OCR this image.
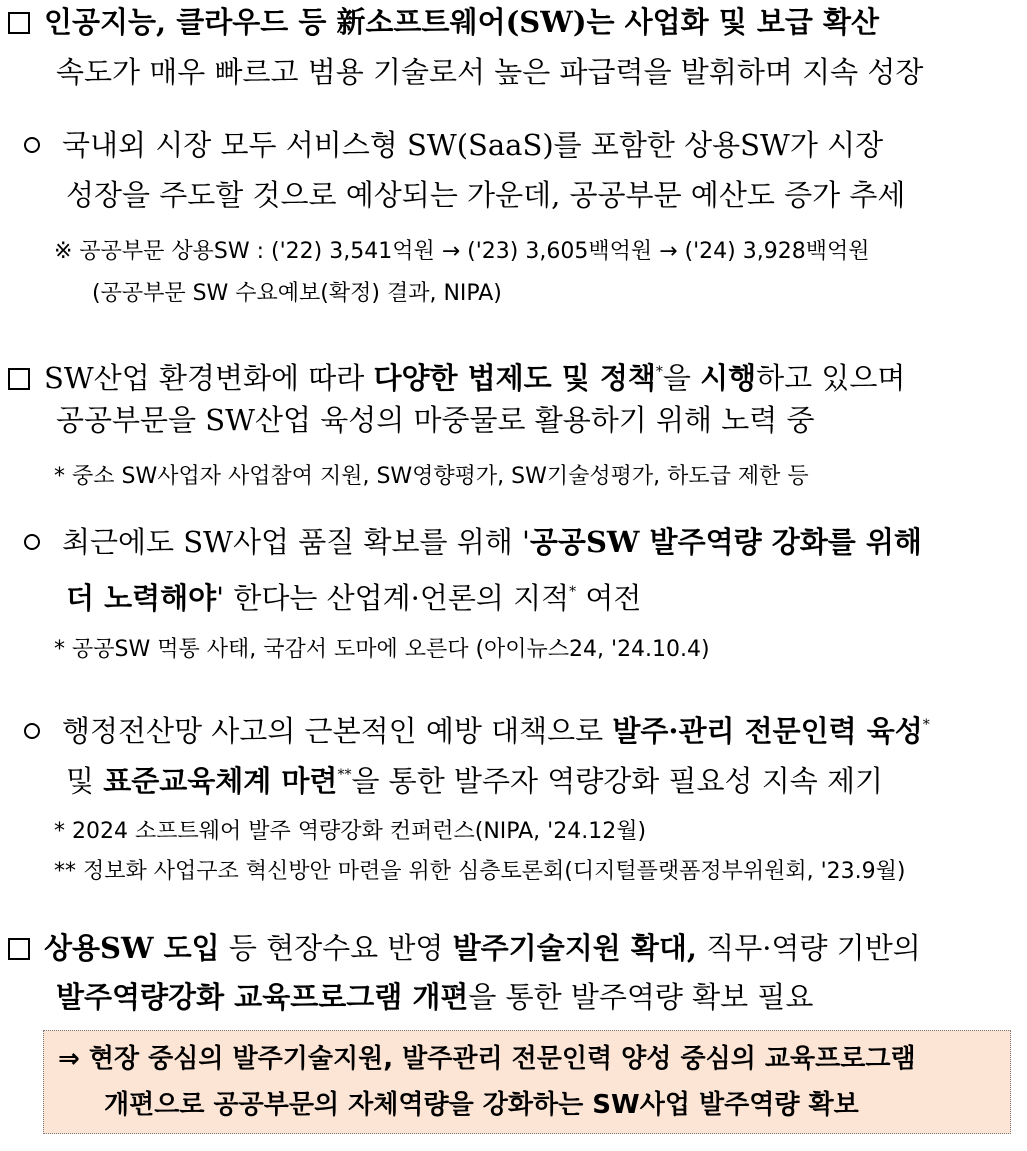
인공지능, 클라우드 등 新소프트웨어(SW)는 사업화 및 보급 확산
속도가 매우 빠르고 범용 기술로서 높은 파급력을 발휘하며 지속 성장
국내외 시장 모두 서비스형 SW(SaaS)를 포함한 상용SW가 시장
성장을 주도할 것으로 예상되는 가운데, 공공부문 예산도 증가 추세
※ 공공부문 상용SW : ('22) 3,541억원 → ('23) 3,605백억원 → ('24) 3,928백억원
(공공부문 SW 수요예보(확정) 결과, NIPA)
SW산업 환경변화에 따라 다양한 법제도 및 정책*을 시행하고 있으며
공공부문을 SW산업 육성의 마중물로 활용하기 위해 노력 중
* 중소 SW사업자 사업참여 지원, SW영향평가, SW기술성평가, 하도급 제한 등
최근에도 SW사업 품질 확보를 위해 '공공SW 발주역량 강화를 위해
더 노력해야' 한다는 산업계·언론의 지적* 여전
* 공공SW 먹통 사태, 국감서 도마에 오른다 (아이뉴스24, '24.10.4)
행정전산망 사고의 근본적인 예방 대책으로 발주·관리 전문인력 육성*
및 표준교육체계 마련**을 통한 발주자 역량강화 필요성 지속 제기
* 2024 소프트웨어 발주 역량강화 컨퍼런스(NIPA, '24.12월)
** 정보화 사업구조 혁신방안 마련을 위한 심층토론회(디지털플랫폼정부위원회, '23.9월)
상용SW 도입 등 현장수요 반영 발주기술지원 확대, 직무·역량 기반의
발주역량강화 교육프로그램 개편을 통한 발주역량 확보 필요
⇒ 현장 중심의 발주기술지원, 발주관리 전문인력 양성 중심의 교육프로그램
개편으로 공공부문의 자체역량을 강화하는 SW사업 발주역량 확보
